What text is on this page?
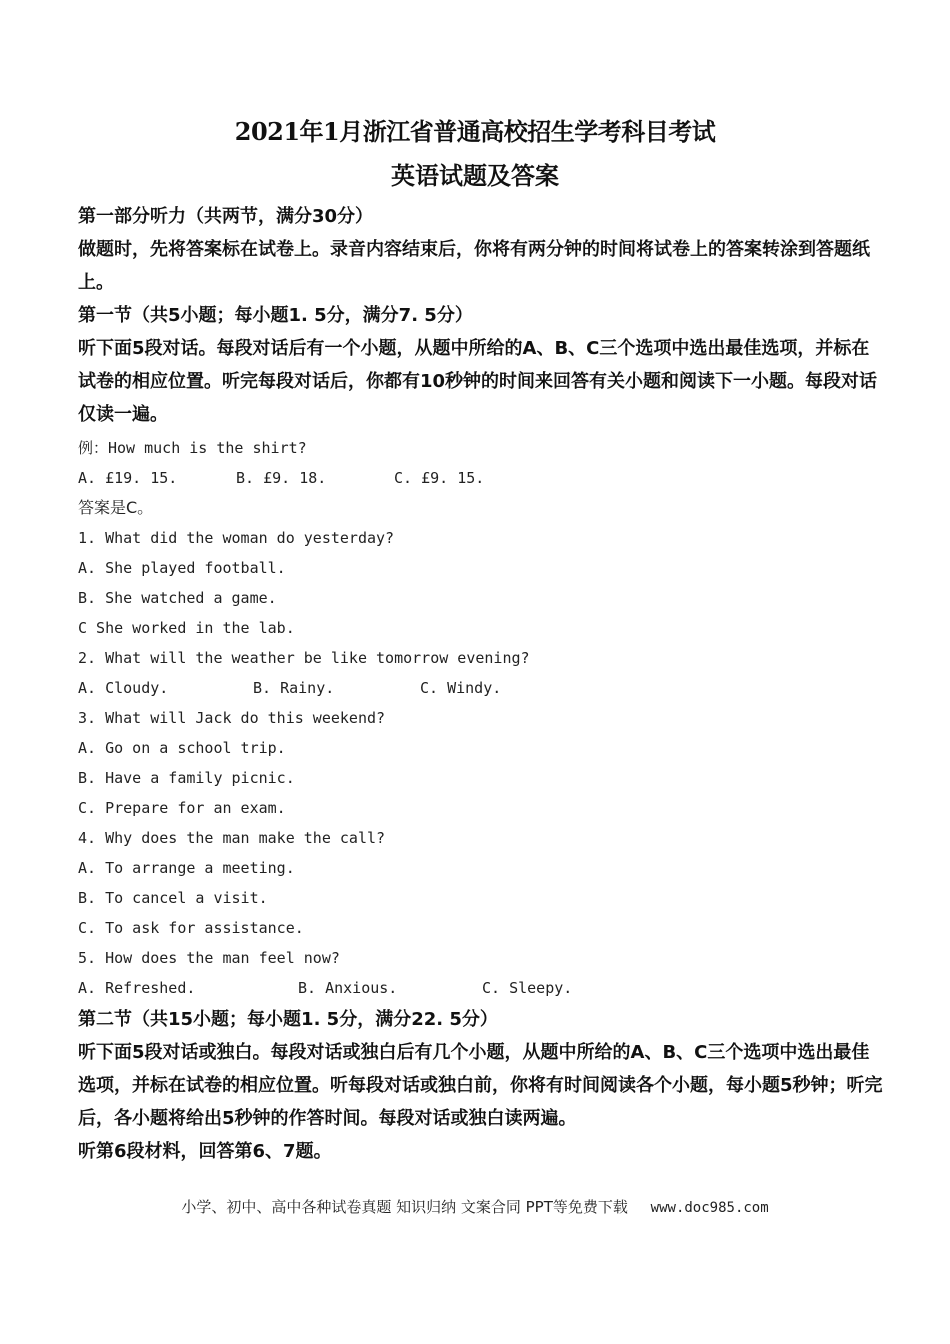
2021年1月浙江省普通高校招生学考科目考试
英语试题及答案
第一部分听力（共两节，满分30分）
做题时，先将答案标在试卷上。录音内容结束后，你将有两分钟的时间将试卷上的答案转涂到答题纸上。
第一节（共5小题；每小题1. 5分，满分7. 5分）
听下面5段对话。每段对话后有一个小题，从题中所给的A、B、C三个选项中选出最佳选项，并标在试卷的相应位置。听完每段对话后，你都有10秒钟的时间来回答有关小题和阅读下一小题。每段对话仅读一遍。
例：How much is the shirt?
A. £19. 15.	B. £9. 18.	C. £9. 15.
答案是C。
1. What did the woman do yesterday?
A. She played football.
B. She watched a game.
C She worked in the lab.
2. What will the weather be like tomorrow evening?
A. Cloudy.	B. Rainy.	C. Windy.
3. What will Jack do this weekend?
A. Go on a school trip.
B. Have a family picnic.
C. Prepare for an exam.
4. Why does the man make the call?
A. To arrange a meeting.
B. To cancel a visit.
C. To ask for assistance.
5. How does the man feel now?
A. Refreshed.	B. Anxious.	C. Sleepy.
第二节（共15小题；每小题1. 5分，满分22. 5分）
听下面5段对话或独白。每段对话或独白后有几个小题，从题中所给的A、B、C三个选项中选出最佳选项，并标在试卷的相应位置。听每段对话或独白前，你将有时间阅读各个小题，每小题5秒钟；听完后，各小题将给出5秒钟的作答时间。每段对话或独白读两遍。
听第6段材料，回答第6、7题。
小学、初中、高中各种试卷真题 知识归纳 文案合同 PPT等免费下载 www.doc985.com
